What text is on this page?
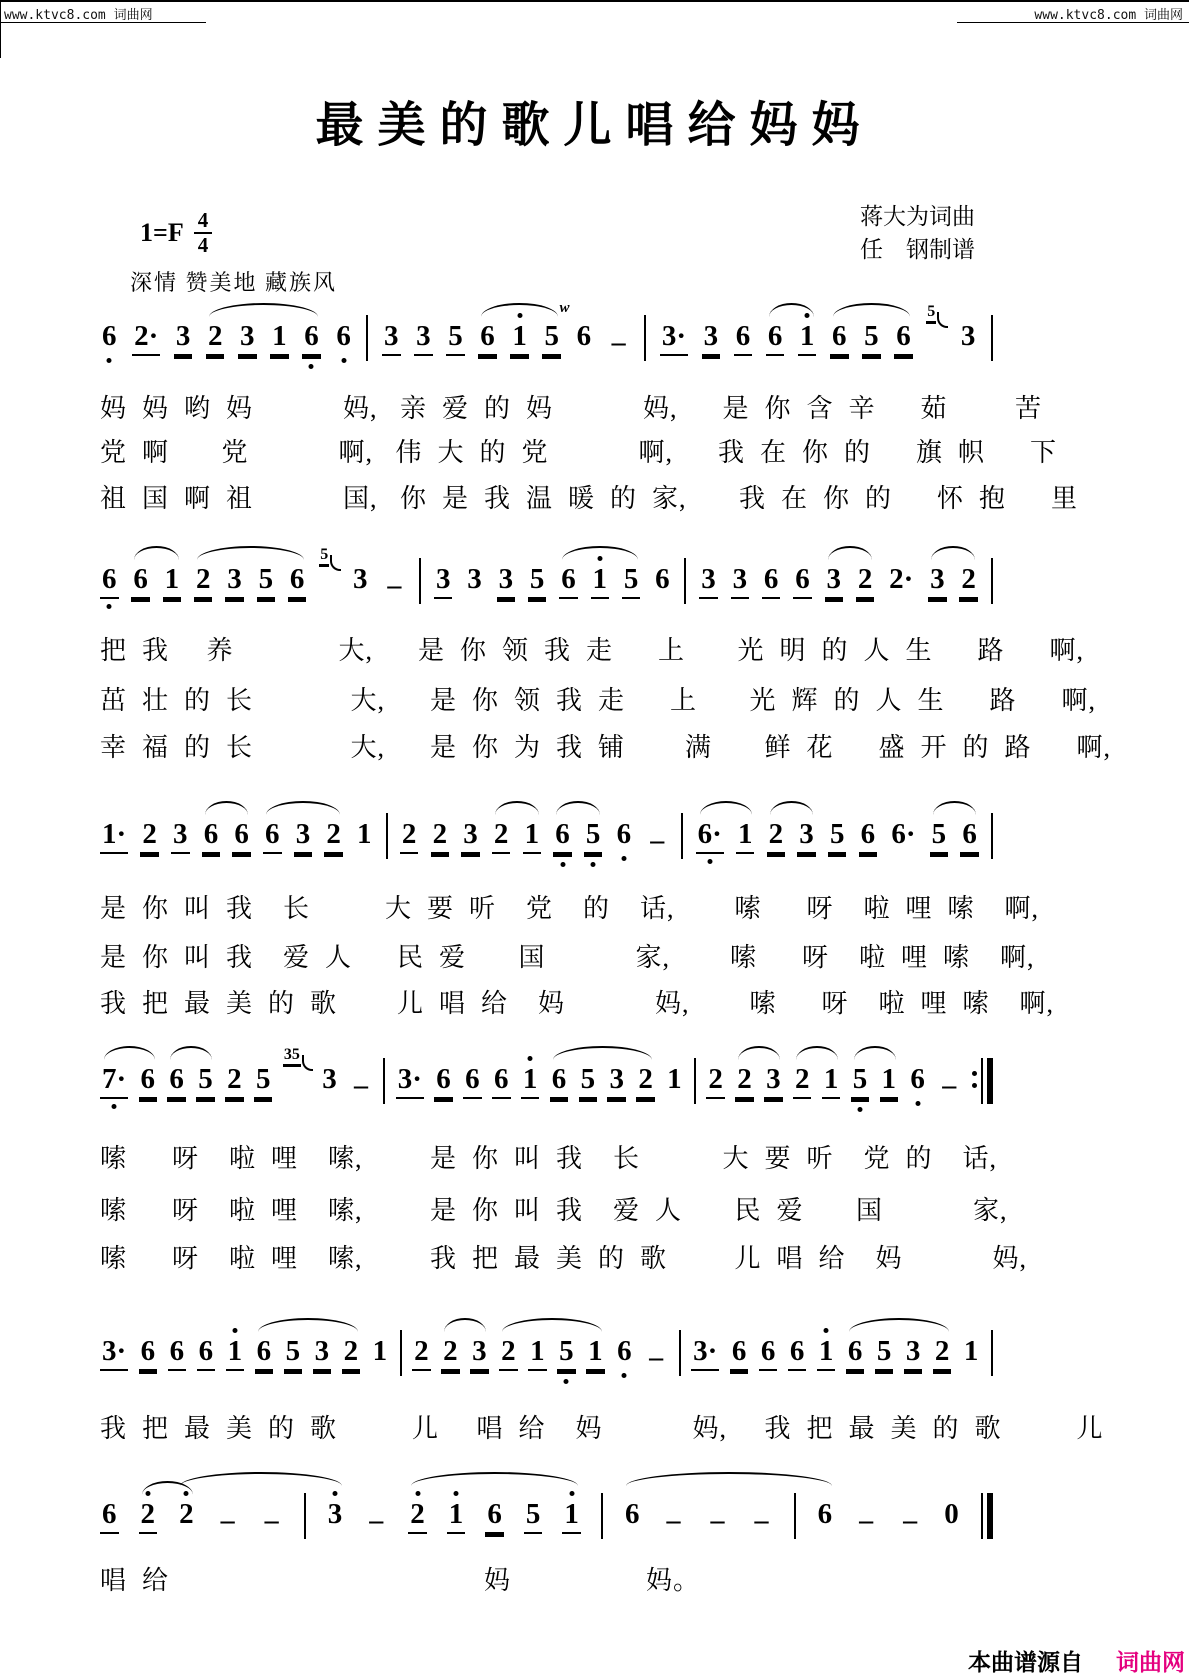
www.ktvc8.com 词曲网	www.ktvc8.com 词曲网
最美的歌儿唱给妈妈
$1=F \frac{4}{4}$	蒋大为词曲
任　钢制谱
深情 赞美地 藏族风
6 2· 3 2 3 1 6 6 3 3 5 6 1 5
w
6 – 3· 3 6 6 1 6 5 6
5
3
妈  妈  哟  妈            妈,   亲  爱  的  妈            妈,      是  你  含  辛      茹         苦
党  啊       党            啊,   伟  大  的  党            啊,      我  在  你  的      旗  帜      下
祖  国  啊  祖            国,   你  是  我  温  暖  的  家,       我  在  你  的      怀  抱      里
6 6 1 2 3 5 6
5
3 – 3 3 3 5 6 1 5 6 3 3 6 6 3 2 2· 3 2
把  我     养              大,      是  你  领  我  走      上       光  明  的  人  生      路      啊,
茁  壮  的  长             大,      是  你  领  我  走      上       光  辉  的  人  生      路      啊,
幸  福  的  长             大,      是  你  为  我  铺        满       鲜  花      盛  开  的  路      啊,
1· 2 3 6 6 6 3 2 1 2 2 3 2 1 6 5 6 – 6· 1 2 3 5 6 6· 5 6
是  你  叫  我    长          大  要  听    党    的    话,        嗦      呀    啦  哩  嗦    啊,
是  你  叫  我    爱  人      民  爱       国            家,        嗦      呀    啦  哩  嗦    啊,
我  把  最  美  的  歌        儿  唱  给    妈            妈,        嗦      呀    啦  哩  嗦    啊,
7· 6 6 5 2 5
35
3 – 3· 6 6 6 1 6 5 3 2 1 2 2 3 2 1 5 1 6 –
嗦      呀    啦  哩    嗦,         是  你  叫  我    长           大  要  听    党  的    话,
嗦      呀    啦  哩    嗦,         是  你  叫  我    爱  人       民  爱       国            家,
嗦      呀    啦  哩    嗦,         我  把  最  美  的  歌         儿  唱  给    妈            妈,
3· 6 6 6 1 6 5 3 2 1 2 2 3 2 1 5 1 6 – 3· 6 6 6 1 6 5 3 2 1
我  把  最  美  的  歌          儿     唱  给    妈            妈,     我  把  最  美  的  歌          儿
6 2 2 – – 3 – 2 1 6 5 1 6 – – – 6 – – 0
唱  给                                          妈                  妈。
本曲谱源自 词曲网
